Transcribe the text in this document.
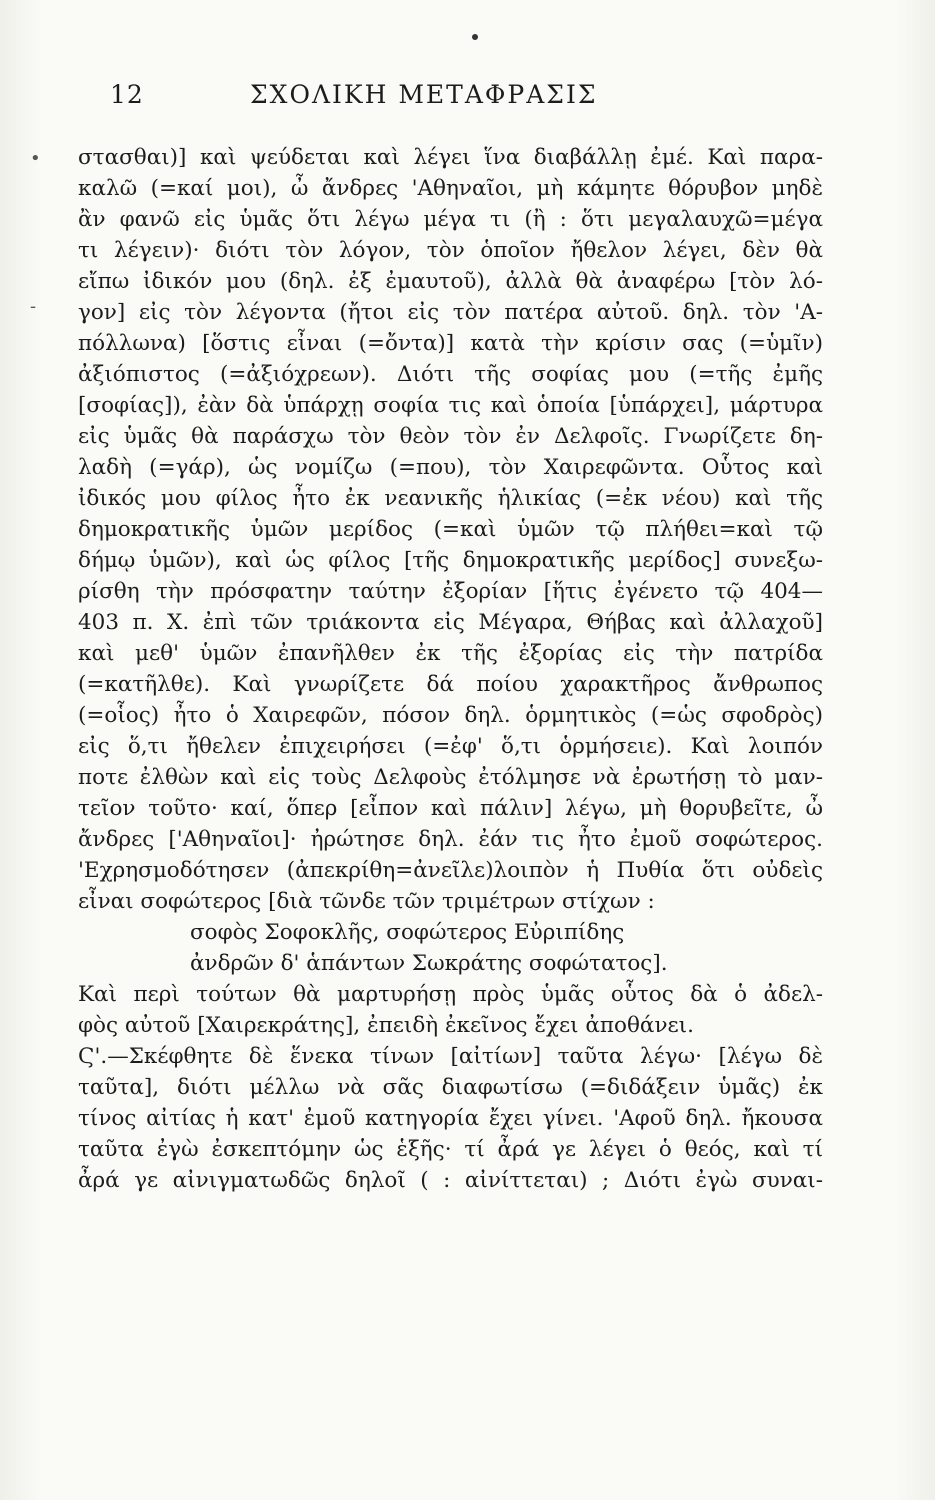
12	ΣΧΟΛΙΚΗ ΜΕΤΑΦΡΑΣΙΣ
•
-
στασθαι)] καὶ ψεύδεται καὶ λέγει ἵνα διαβάλλῃ ἐμέ. Καὶ παρα-
καλῶ (=καί μοι), ὦ ἄνδρες 'Αθηναῖοι, μὴ κάμητε θόρυβον μηδὲ
ἂν φανῶ εἰς ὑμᾶς ὅτι λέγω μέγα τι (ἢ : ὅτι μεγαλαυχῶ=μέγα
τι λέγειν)· διότι τὸν λόγον, τὸν ὁποῖον ἤθελον λέγει, δὲν θὰ
εἴπω ἰδικόν μου (δηλ. ἐξ ἐμαυτοῦ), ἀλλὰ θὰ ἀναφέρω [τὸν λό-
γον] εἰς τὸν λέγοντα (ἤτοι εἰς τὸν πατέρα αὐτοῦ. δηλ. τὸν 'Α-
πόλλωνα) [ὅστις εἶναι (=ὄντα)] κατὰ τὴν κρίσιν σας (=ὑμῖν)
ἀξιόπιστος (=ἀξιόχρεων). Διότι τῆς σοφίας μου (=τῆς ἐμῆς
[σοφίας]), ἐὰν δὰ ὑπάρχῃ σοφία τις καὶ ὁποία [ὑπάρχει], μάρτυρα
εἰς ὑμᾶς θὰ παράσχω τὸν θεὸν τὸν ἐν Δελφοῖς. Γνωρίζετε δη-
λαδὴ (=γάρ), ὡς νομίζω (=που), τὸν Χαιρεφῶντα. Οὗτος καὶ
ἰδικός μου φίλος ἦτο ἐκ νεανικῆς ἡλικίας (=ἐκ νέου) καὶ τῆς
δημοκρατικῆς ὑμῶν μερίδος (=καὶ ὑμῶν τῷ πλήθει=καὶ τῷ
δήμῳ ὑμῶν), καὶ ὡς φίλος [τῆς δημοκρατικῆς μερίδος] συνεξω-
ρίσθη τὴν πρόσφατην ταύτην ἐξορίαν [ἥτις ἐγένετο τῷ 404—
403 π. Χ. ἐπὶ τῶν τριάκοντα εἰς Μέγαρα, Θήβας καὶ ἀλλαχοῦ]
καὶ μεθ' ὑμῶν ἐπανῆλθεν ἐκ τῆς ἐξορίας εἰς τὴν πατρίδα
(=κατῆλθε). Καὶ γνωρίζετε δά ποίου χαρακτῆρος ἄνθρωπος
(=οἷος) ἦτο ὁ Χαιρεφῶν, πόσον δηλ. ὁρμητικὸς (=ὡς σφοδρὸς)
εἰς ὅ,τι ἤθελεν ἐπιχειρήσει (=ἐφ' ὅ,τι ὁρμήσειε). Καὶ λοιπόν
ποτε ἐλθὼν καὶ εἰς τοὺς Δελφοὺς ἐτόλμησε νὰ ἐρωτήσῃ τὸ μαν-
τεῖον τοῦτο· καί, ὅπερ [εἶπον καὶ πάλιν] λέγω, μὴ θορυβεῖτε, ὦ
ἄνδρες ['Αθηναῖοι]· ἠρώτησε δηλ. ἐάν τις ἦτο ἐμοῦ σοφώτερος.
'Εχρησμοδότησεν (ἀπεκρίθη=ἀνεῖλε)λοιπὸν ἡ Πυθία ὅτι οὐδεὶς
εἶναι σοφώτερος [διὰ τῶνδε τῶν τριμέτρων στίχων :
σοφὸς Σοφοκλῆς, σοφώτερος Εὐριπίδης
ἀνδρῶν δ' ἁπάντων Σωκράτης σοφώτατος].
Καὶ περὶ τούτων θὰ μαρτυρήσῃ πρὸς ὑμᾶς οὗτος δὰ ὁ ἀδελ-
φὸς αὐτοῦ [Χαιρεκράτης], ἐπειδὴ ἐκεῖνος ἔχει ἀποθάνει.
Ϛ'.—Σκέφθητε δὲ ἕνεκα τίνων [αἰτίων] ταῦτα λέγω· [λέγω δὲ
ταῦτα], διότι μέλλω νὰ σᾶς διαφωτίσω (=διδάξειν ὑμᾶς) ἐκ
τίνος αἰτίας ἡ κατ' ἐμοῦ κατηγορία ἔχει γίνει. 'Αφοῦ δηλ. ἤκουσα
ταῦτα ἐγὼ ἐσκεπτόμην ὡς ἑξῆς· τί ἆρά γε λέγει ὁ θεός, καὶ τί
ἆρά γε αἰνιγματωδῶς δηλοῖ ( : αἰνίττεται) ; Διότι ἐγὼ συναι-
